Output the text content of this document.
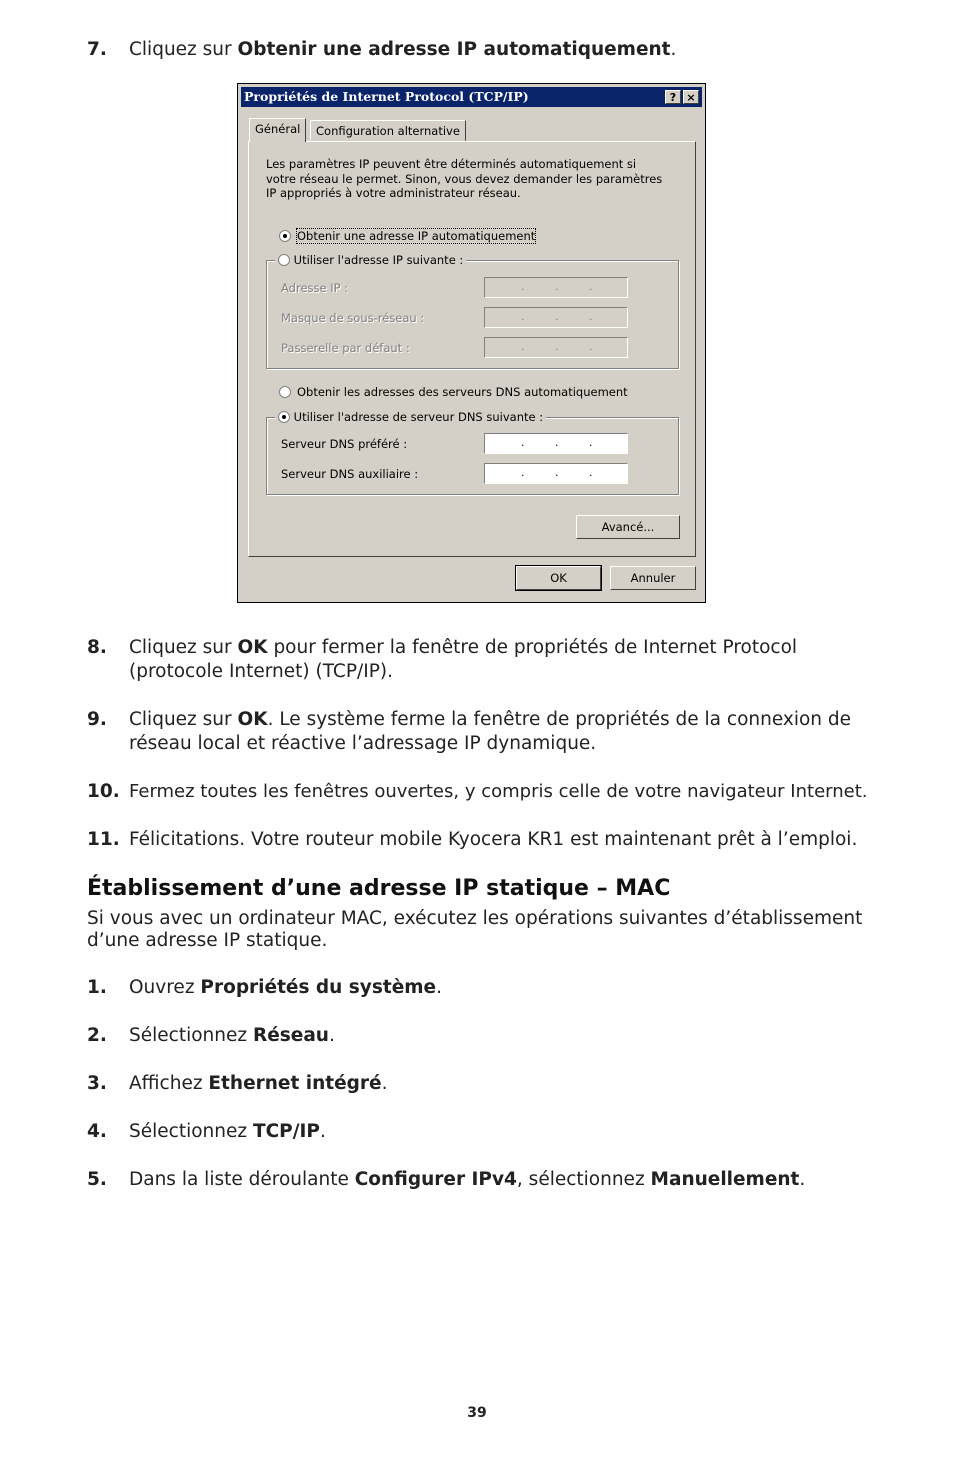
7. Cliquez sur Obtenir une adresse IP automatiquement.
Propriétés de Internet Protocol (TCP/IP)	? ×
Général	Configuration alternative
Les paramètres IP peuvent être déterminés automatiquement si votre réseau le permet. Sinon, vous devez demander les paramètres IP appropriés à votre administrateur réseau.
Obtenir une adresse IP automatiquement
Utiliser l'adresse IP suivante :
Adresse IP :	.	.	.
Masque de sous-réseau :	.	.	.
Passerelle par défaut :	.	.	.
Obtenir les adresses des serveurs DNS automatiquement
Utiliser l'adresse de serveur DNS suivante :
Serveur DNS préféré :	.	.	.
Serveur DNS auxiliaire :	.	.	.
Avancé...
OK	Annuler
8. Cliquez sur OK pour fermer la fenêtre de propriétés de Internet Protocol (protocole Internet) (TCP/IP).
9. Cliquez sur OK. Le système ferme la fenêtre de propriétés de la connexion de réseau local et réactive l’adressage IP dynamique.
10. Fermez toutes les fenêtres ouvertes, y compris celle de votre navigateur Internet.
11. Félicitations. Votre routeur mobile Kyocera KR1 est maintenant prêt à l’emploi.
Établissement d’une adresse IP statique – MAC
Si vous avec un ordinateur MAC, exécutez les opérations suivantes d’établissement d’une adresse IP statique.
1. Ouvrez Propriétés du système.
2. Sélectionnez Réseau.
3. Affichez Ethernet intégré.
4. Sélectionnez TCP/IP.
5. Dans la liste déroulante Configurer IPv4, sélectionnez Manuellement.
39
